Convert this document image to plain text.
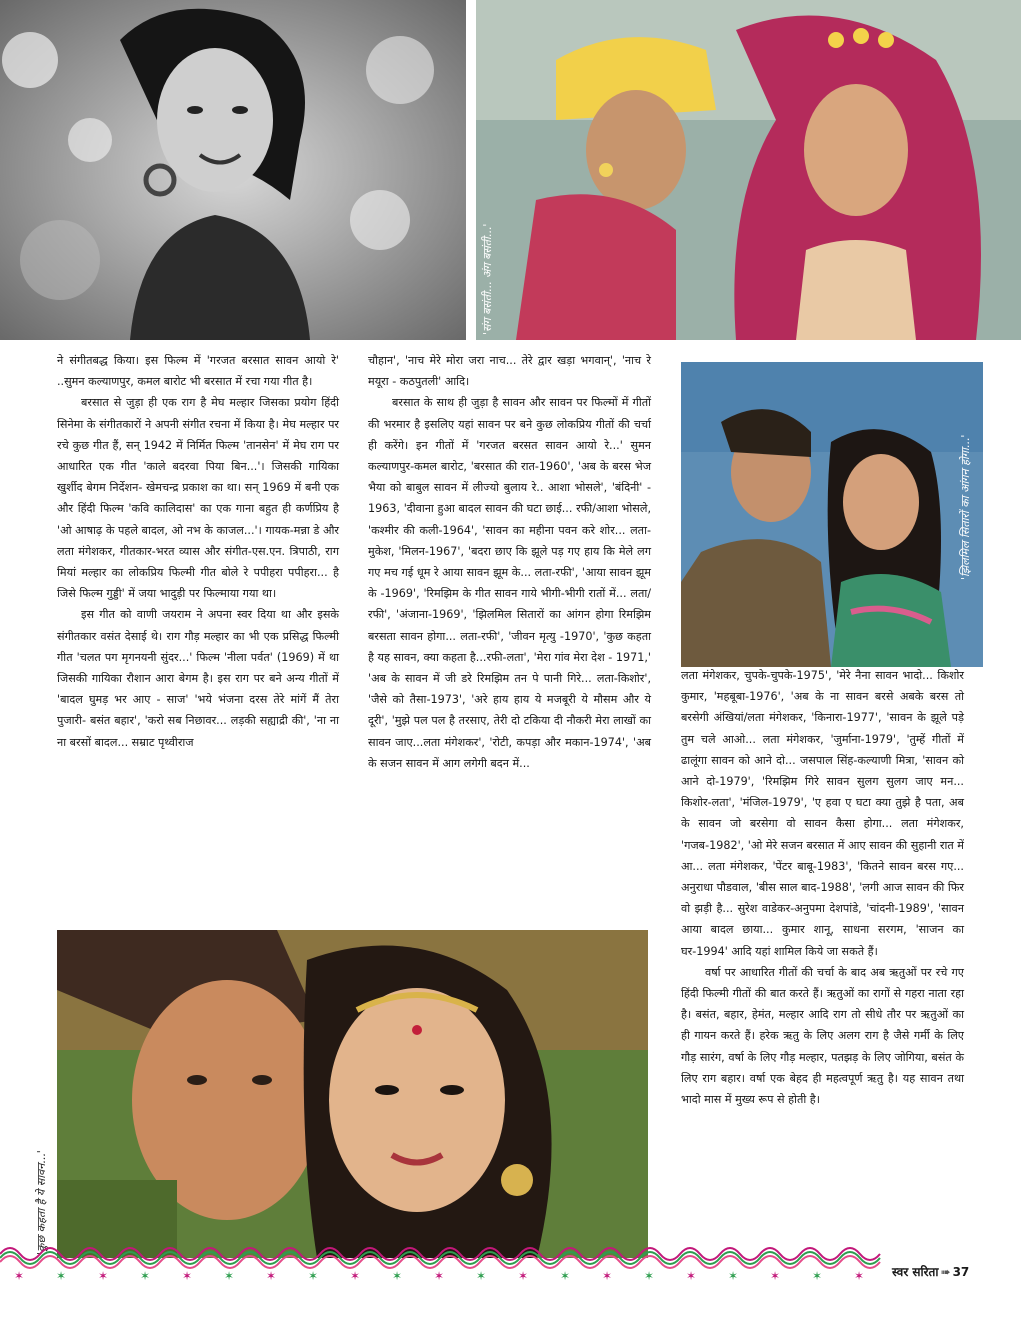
'संग बसंती... अंग बसंती...'
'झिलमिल सितारों का आंगन होगा...'
'कुछ कहता है ये सावन...'

ने संगीतबद्ध किया। इस फिल्म में 'गरजत बरसात सावन आयो रे' ..सुमन कल्याणपुर, कमल बारोट भी बरसात में रचा गया गीत है।

बरसात से जुड़ा ही एक राग है मेघ मल्हार जिसका प्रयोग हिंदी सिनेमा के संगीतकारों ने अपनी संगीत रचना में किया है। मेघ मल्हार पर रचे कुछ गीत हैं, सन् 1942 में निर्मित फिल्म 'तानसेन' में मेघ राग पर आधारित एक गीत 'काले बदरवा पिया बिन...'। जिसकी गायिका खुर्शीद बेगम निर्देशन- खेमचन्द्र प्रकाश का था। सन् 1969 में बनी एक और हिंदी फिल्म 'कवि कालिदास' का एक गाना बहुत ही कर्णप्रिय है 'ओ आषाढ़ के पहले बादल, ओ नभ के काजल...'। गायक-मन्ना डे और लता मंगेशकर, गीतकार-भरत व्यास और संगीत-एस.एन. त्रिपाठी, राग मियां मल्हार का लोकप्रिय फिल्मी गीत बोले रे पपीहरा पपीहरा... है जिसे फिल्म गुड्डी' में जया भादुड़ी पर फिल्माया गया था।

इस गीत को वाणी जयराम ने अपना स्वर दिया था और इसके संगीतकार वसंत देसाई थे। राग गौड़ मल्हार का भी एक प्रसिद्ध फिल्मी गीत 'चलत पग मृगनयनी सुंदर...' फिल्म 'नीला पर्वत' (1969) में था जिसकी गायिका रौशान आरा बेगम है। इस राग पर बने अन्य गीतों में 'बादल घुमड़ भर आए - साज' 'भये भंजना दरस तेरे मांगें मैं तेरा पुजारी- बसंत बहार', 'करो सब निछावर... लड़की सह्याद्री की', 'ना ना ना बरसों बादल... सम्राट पृथ्वीराज

चौहान', 'नाच मेरे मोरा जरा नाच... तेरे द्वार खड़ा भगवान्', 'नाच रे मयूरा - कठपुतली' आदि।

बरसात के साथ ही जुड़ा है सावन और सावन पर फिल्मों में गीतों की भरमार है इसलिए यहां सावन पर बने कुछ लोकप्रिय गीतों की चर्चा ही करेंगे। इन गीतों में 'गरजत बरसत सावन आयो रे...' सुमन कल्याणपुर-कमल बारोट, 'बरसात की रात-1960', 'अब के बरस भेज भैया को बाबुल सावन में लीज्यो बुलाय रे.. आशा भोसले', 'बंदिनी' - 1963, 'दीवाना हुआ बादल सावन की घटा छाई... रफी/आशा भोसले, 'कश्मीर की कली-1964', 'सावन का महीना पवन करे शोर... लता-मुकेश, 'मिलन-1967', 'बदरा छाए कि झूले पड़ गए हाय कि मेले लग गए मच गई धूम रे आया सावन झूम के... लता-रफी', 'आया सावन झूम के -1969', 'रिमझिम के गीत सावन गाये भीगी-भीगी रातों में... लता/रफी', 'अंजाना-1969', 'झिलमिल सितारों का आंगन होगा रिमझिम बरसता सावन होगा... लता-रफी', 'जीवन मृत्यु -1970', 'कुछ कहता है यह सावन, क्या कहता है...रफी-लता', 'मेरा गांव मेरा देश - 1971,' 'अब के सावन में जी डरे रिमझिम तन पे पानी गिरे... लता-किशोर', 'जैसे को तैसा-1973', 'अरे हाय हाय ये मजबूरी ये मौसम और ये दूरी', 'मुझे पल पल है तरसाए, तेरी दो टकिया दी नौकरी मेरा लाखों का सावन जाए...लता मंगेशकर', 'रोटी, कपड़ा और मकान-1974', 'अब के सजन सावन में आग लगेगी बदन में...

लता मंगेशकर, चुपके-चुपके-1975', 'मेरे नैना सावन भादो... किशोर कुमार, 'महबूबा-1976', 'अब के ना सावन बरसे अबके बरस तो बरसेगी अंखियां/लता मंगेशकर, 'किनारा-1977', 'सावन के झूले पड़े तुम चले आओ... लता मंगेशकर, 'जुर्माना-1979', 'तुम्हें गीतों में ढालूंगा सावन को आने दो... जसपाल सिंह-कल्याणी मित्रा, 'सावन को आने दो-1979', 'रिमझिम गिरे सावन सुलग सुलग जाए मन... किशोर-लता', 'मंजिल-1979', 'ए हवा ए घटा क्या तुझे है पता, अब के सावन जो बरसेगा वो सावन कैसा होगा... लता मंगेशकर, 'गजब-1982', 'ओ मेरे सजन बरसात में आए सावन की सुहानी रात में आ... लता मंगेशकर, 'पेंटर बाबू-1983', 'कितने सावन बरस गए... अनुराधा पौडवाल, 'बीस साल बाद-1988', 'लगी आज सावन की फिर वो झड़ी है... सुरेश वाडेकर-अनुपमा देशपांडे, 'चांदनी-1989', 'सावन आया बादल छाया... कुमार शानू, साधना सरगम, 'साजन का घर-1994' आदि यहां शामिल किये जा सकते हैं।

वर्षा पर आधारित गीतों की चर्चा के बाद अब ऋतुओं पर रचे गए हिंदी फिल्मी गीतों की बात करते हैं। ऋतुओं का रागों से गहरा नाता रहा है। बसंत, बहार, हेमंत, मल्हार आदि राग तो सीधे तौर पर ऋतुओं का ही गायन करते हैं। हरेक ऋतु के लिए अलग राग है जैसे गर्मी के लिए गौड़ सारंग, वर्षा के लिए गौड़ मल्हार, पतझड़ के लिए जोगिया, बसंत के लिए राग बहार। वर्षा एक बेहद ही महत्वपूर्ण ऋतु है। यह सावन तथा भादो मास में मुख्य रूप से होती है।

✶	✶	✶	✶	✶	✶	✶	✶	✶	✶	✶	✶	✶	✶	✶	✶	✶	✶	✶	✶	✶ स्वर सरिता ➠ 37
